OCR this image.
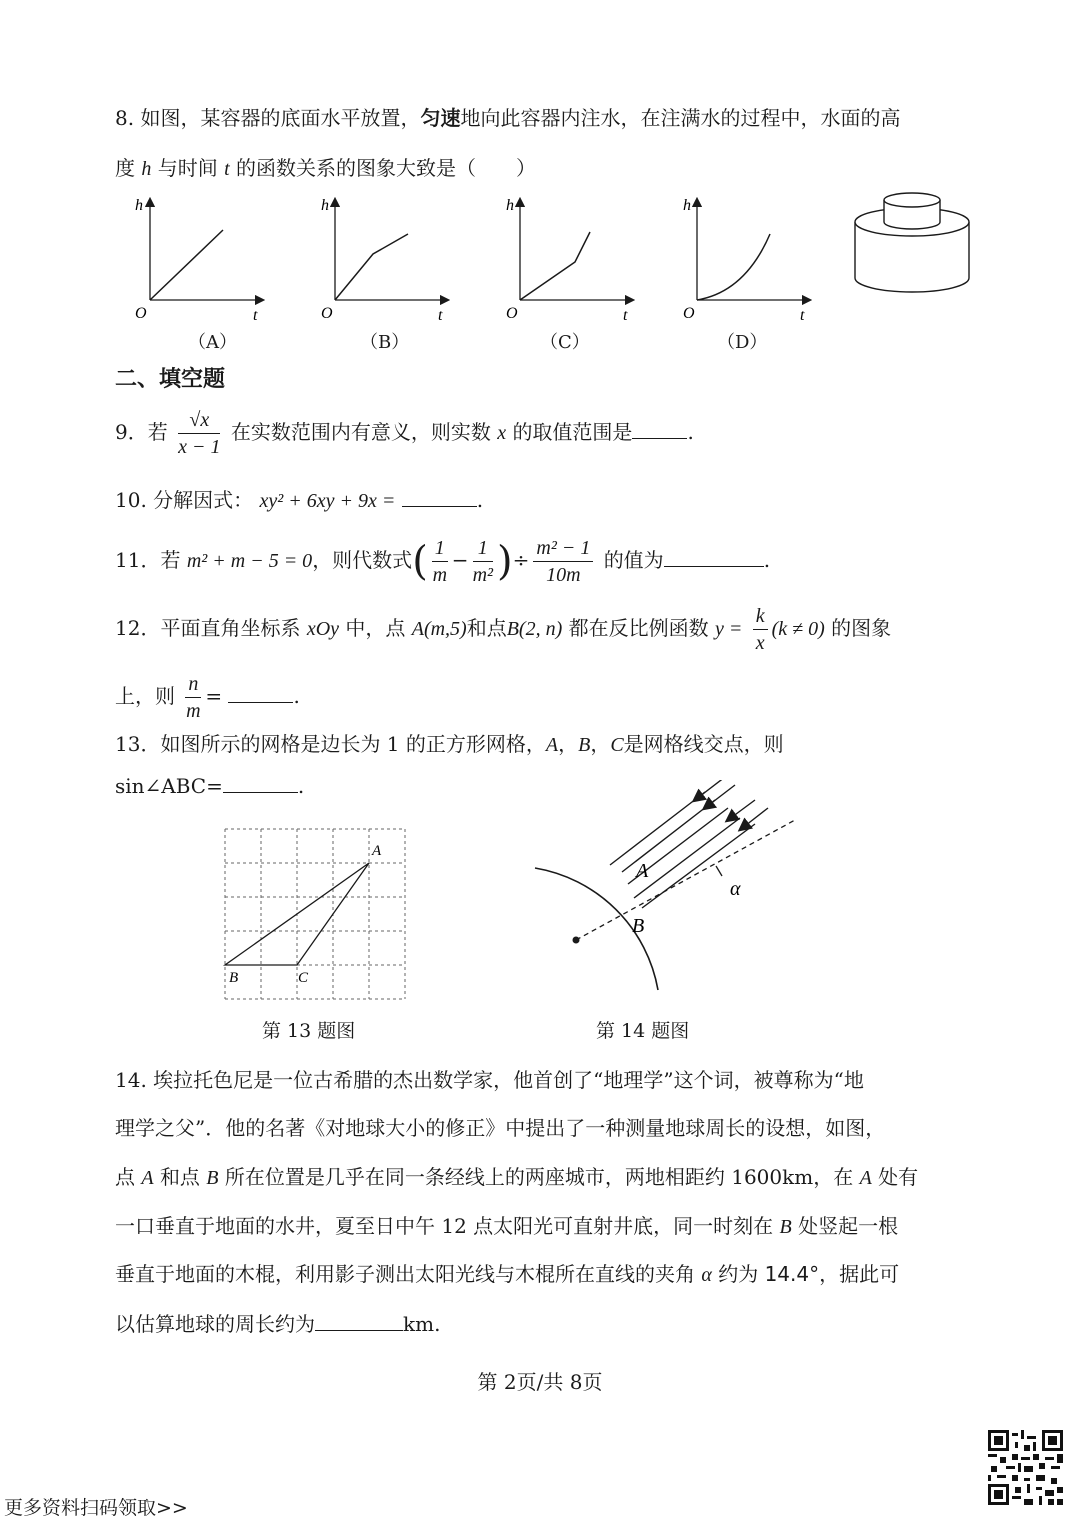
8. 如图，某容器的底面水平放置，匀速地向此容器内注水，在注满水的过程中，水面的高
度 h 与时间 t 的函数关系的图象大致是（　　）
h
t
O
h
t
O
h
t
O
h
t
O
（A）	（B）	（C）	（D）
二、填空题
9．若 $\frac{√x}{x - 1}$ 在实数范围内有意义，则实数 x 的取值范围是	.
10. 分解因式： xy² + 6xy + 9x =	.
11．若 m² + m − 5 = 0，则代数式( $\frac{1}{m} - \frac{1}{\text{m²}}$ )÷ $\frac{\text{m² − 1}}{10m}$ 的值为	.
12．平面直角坐标系 xOy 中，点 A(m,5)和点B(2, n) 都在反比例函数 $y = \frac{k}{x} (k \ne 0)$ 的图象
上，则 $\frac{n}{m}$ =	.
13．如图所示的网格是边长为 1 的正方形网格，A，B，C是网格线交点，则
sin∠ABC=	.
A
B	C
A
B
α
第 13 题图	第 14 题图
14. 埃拉托色尼是一位古希腊的杰出数学家，他首创了“地理学”这个词，被尊称为“地
理学之父”．他的名著《对地球大小的修正》中提出了一种测量地球周长的设想，如图，
点 A 和点 B 所在位置是几乎在同一条经线上的两座城市，两地相距约 1600km，在 A 处有
一口垂直于地面的水井，夏至日中午 12 点太阳光可直射井底，同一时刻在 B 处竖起一根
垂直于地面的木棍，利用影子测出太阳光线与木棍所在直线的夹角 α 约为 14.4°，据此可
以估算地球的周长约为	km.
第 2页/共 8页
更多资料扫码领取>>
